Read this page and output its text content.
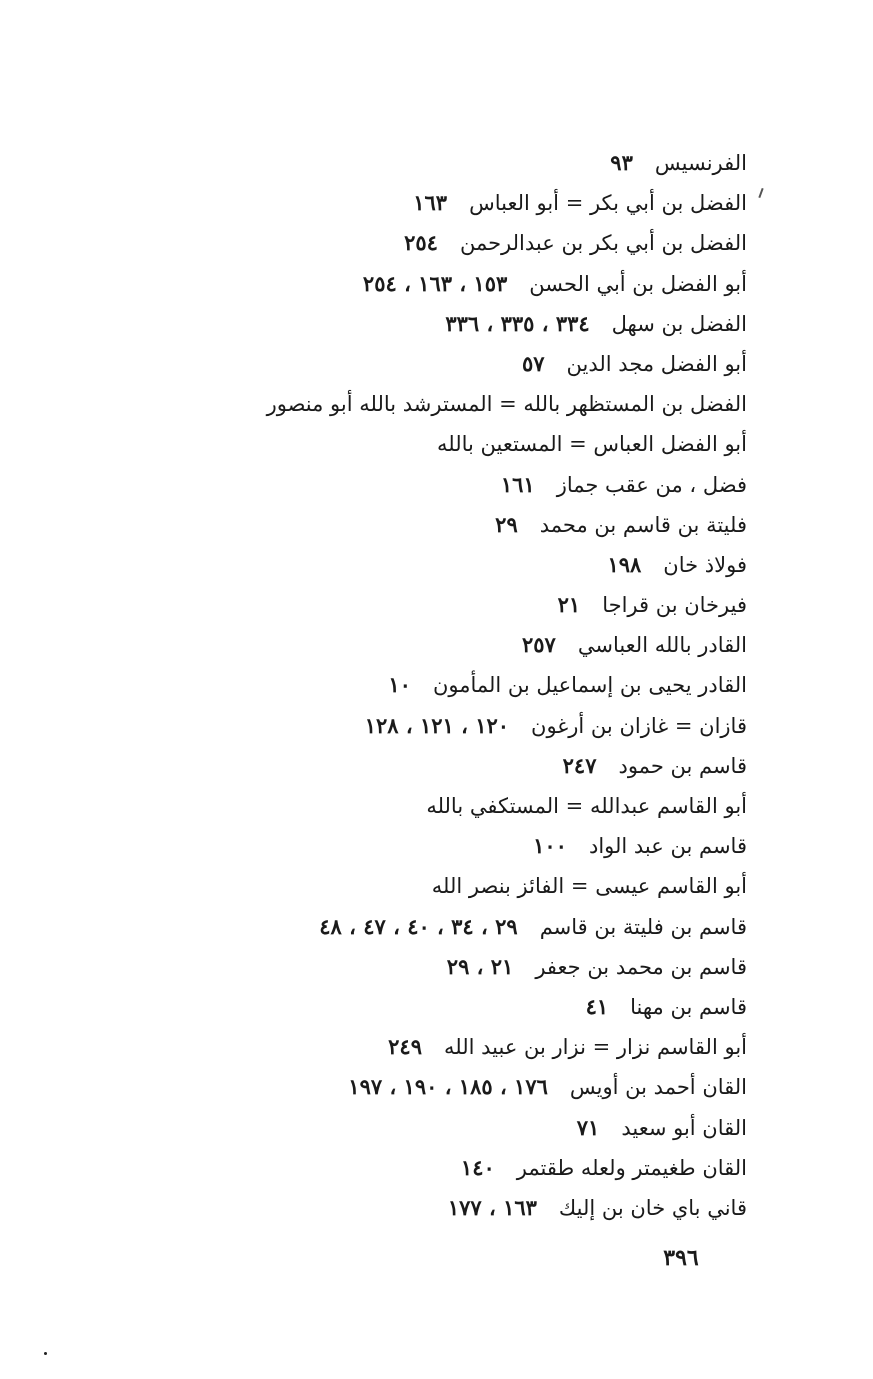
الفرنسيس٩٣
الفضل بن أبي بكر = أبو العباس١٦٣
الفضل بن أبي بكر بن عبدالرحمن٢٥٤
أبو الفضل بن أبي الحسن١٥٣ ، ١٦٣ ، ٢٥٤
الفضل بن سهل٣٣٤ ، ٣٣٥ ، ٣٣٦
أبو الفضل مجد الدين٥٧
الفضل بن المستظهر بالله = المسترشد بالله أبو منصور
أبو الفضل العباس = المستعين بالله
فضل ، من عقب جماز١٦١
فليتة بن قاسم بن محمد٢٩
فولاذ خان١٩٨
فيرخان بن قراجا٢١
القادر بالله العباسي٢٥٧
القادر يحيى بن إسماعيل بن المأمون١٠
قازان = غازان بن أرغون١٢٠ ، ١٢١ ، ١٢٨
قاسم بن حمود٢٤٧
أبو القاسم عبدالله = المستكفي بالله
قاسم بن عبد الواد١٠٠
أبو القاسم عيسى = الفائز بنصر الله
قاسم بن فليتة بن قاسم٢٩ ، ٣٤ ، ٤٠ ، ٤٧ ، ٤٨
قاسم بن محمد بن جعفر٢١ ، ٢٩
قاسم بن مهنا٤١
أبو القاسم نزار = نزار بن عبيد الله٢٤٩
القان أحمد بن أويس١٧٦ ، ١٨٥ ، ١٩٠ ، ١٩٧
القان أبو سعيد٧١
القان طغيمتر ولعله طقتمر١٤٠
قاني باي خان بن إليك١٦٣ ، ١٧٧
٣٩٦
